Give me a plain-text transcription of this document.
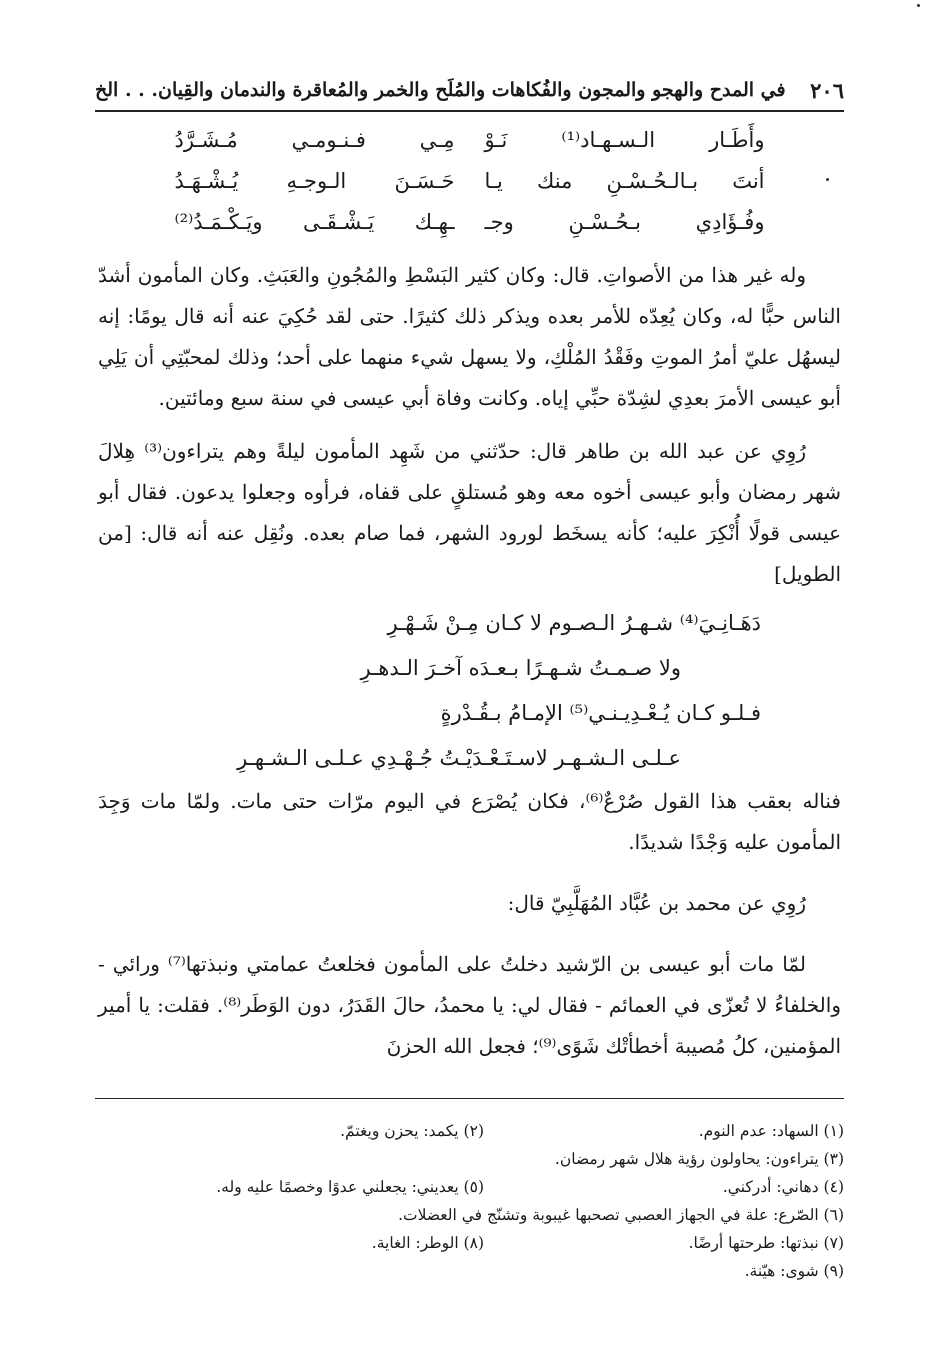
٢٠٦
في المدح والهجو والمجون والفُكاهات والمُلَح والخمر والمُعاقرة والندمان والقِيان. . . الخ
وأَطَـار الـسـهـاد⁽¹⁾ نَـوْ
مِـي فـنـومـي مُـشَـرَّدُ
أنتَ بـالـحُـسْـنِ منك يـا
حَـسَـنَ الـوجـهِ يُـشْـهَـدُ
وفُـؤَادِي بـحُـسْـنِ وجـ
ـهِـك يَـشْـقَـى ويَـكْـمَـدُ⁽²⁾

وله غير هذا من الأصواتِ. قال: وكان كثير البَسْطِ والمُجُونِ والعَبَثِ. وكان المأمون أشدّ الناس حبًّا له، وكان يُعِدّه للأمر بعده ويذكر ذلك كثيرًا. حتى لقد حُكِيَ عنه أنه قال يومًا: إنه ليسهُل عليّ أمرُ الموتِ وفَقْدُ المُلْكِ، ولا يسهل شيء منهما على أحد؛ وذلك لمحبّتِي أن يَلِي أبو عيسى الأمرَ بعدِي لشِدّة حبِّي إياه. وكانت وفاة أبي عيسى في سنة سبع ومائتين.

رُوِي عن عبد الله بن طاهر قال: حدّثني من شَهِد المأمون ليلةً وهم يتراءون⁽³⁾ هِلالَ شهر رمضان وأبو عيسى أخوه معه وهو مُستلقٍ على قفاه، فرأوه وجعلوا يدعون. فقال أبو عيسى قولًا أُنْكِرَ عليه؛ كأنه يسخَط لورود الشهر، فما صام بعده. ونُقِل عنه أنه قال: [من الطويل]

دَهَـانِـيَ⁽⁴⁾ شـهـرُ الـصـوم لا كـان مِـنْ شَـهْـرِ
ولا صـمـتُ شـهـرًا بـعـدَه آخـرَ الـدهـرِ
فـلـو كـان يُـعْـدِيـنـي⁽⁵⁾ الإمـامُ بـقُـدْرةٍ
عـلـى الـشـهـر لاسـتَـعْـدَيْـتُ جُـهْـدِي عـلـى الـشـهـرِ

فناله بعقب هذا القول صُرْعٌ⁽⁶⁾، فكان يُصْرَع في اليوم مرّات حتى مات. ولمّا مات وَجِدَ المأمون عليه وَجْدًا شديدًا.

رُوِي عن محمد بن عُبَّاد المُهَلَّبِيّ قال:

لمّا مات أبو عيسى بن الرّشيد دخلتُ على المأمون فخلعتُ عمامتي ونبذتها⁽⁷⁾ ورائي - والخلفاءُ لا تُعزّى في العمائم - فقال لي: يا محمدُ، حالَ القَدَرُ، دون الوَطَر⁽⁸⁾. فقلت: يا أمير المؤمنين، كلُ مُصيبة أخطأتْك شَوًى⁽⁹⁾؛ فجعل الله الحزنَ

(١) السهاد: عدم النوم.
(٢) يكمد: يحزن ويغتمّ.
(٣) يتراءون: يحاولون رؤية هلال شهر رمضان.
(٤) دهاني: أدركني.
(٥) يعديني: يجعلني عدوًا وخصمًا عليه وله.
(٦) الصّرع: علة في الجهاز العصبي تصحبها غيبوبة وتشنّج في العضلات.
(٧) نبذتها: طرحتها أرضًا.
(٨) الوطر: الغاية.
(٩) شوى: هيّنة.
